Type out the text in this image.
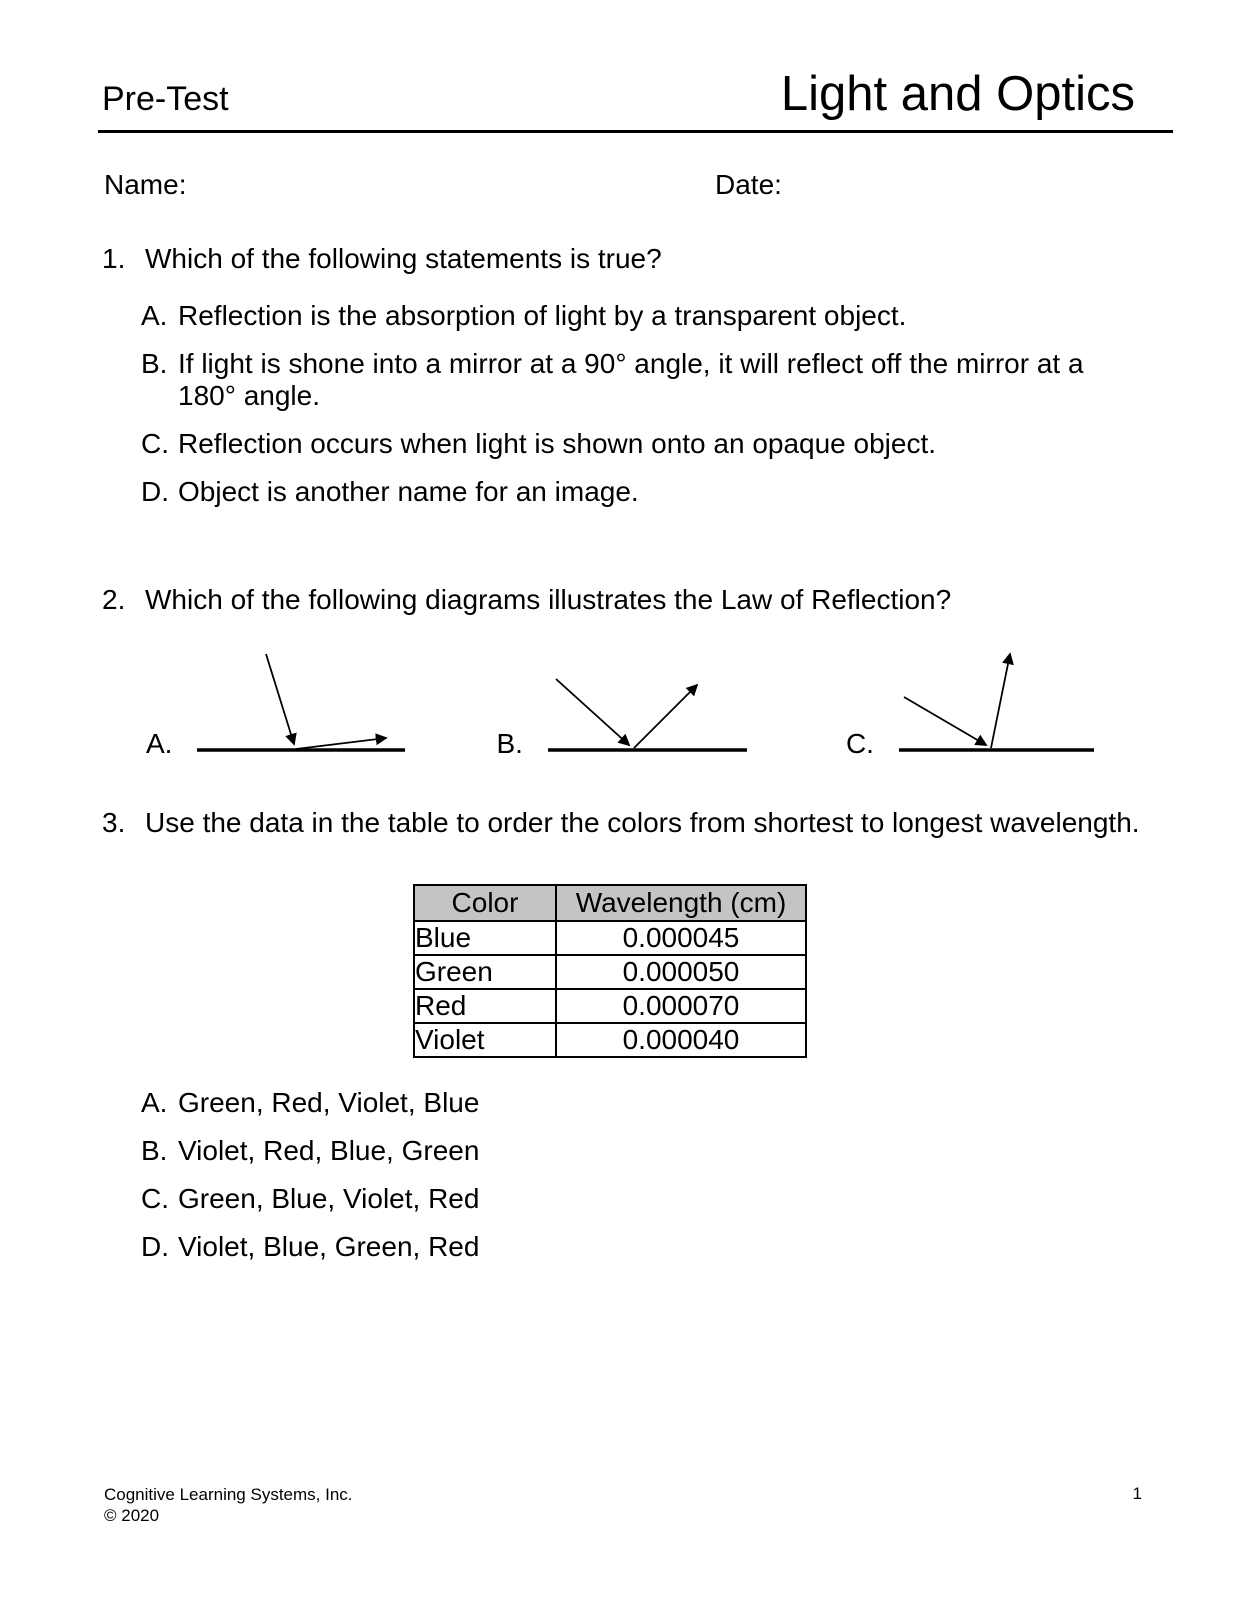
Pre-Test	Light and Optics
Name:	Date:
1. Which of the following statements is true?
A. Reflection is the absorption of light by a transparent object.
B. If light is shone into a mirror at a 90° angle, it will reflect off the mirror at a 180° angle.
C. Reflection occurs when light is shown onto an opaque object.
D. Object is another name for an image.
2. Which of the following diagrams illustrates the Law of Reflection?
A.	B.	C.
3. Use the data in the table to order the colors from shortest to longest wavelength.
Color	Wavelength (cm)
Blue	0.000045
Green	0.000050
Red	0.000070
Violet	0.000040
A. Green, Red, Violet, Blue
B. Violet, Red, Blue, Green
C. Green, Blue, Violet, Red
D. Violet, Blue, Green, Red
Cognitive Learning Systems, Inc.
© 2020
1
